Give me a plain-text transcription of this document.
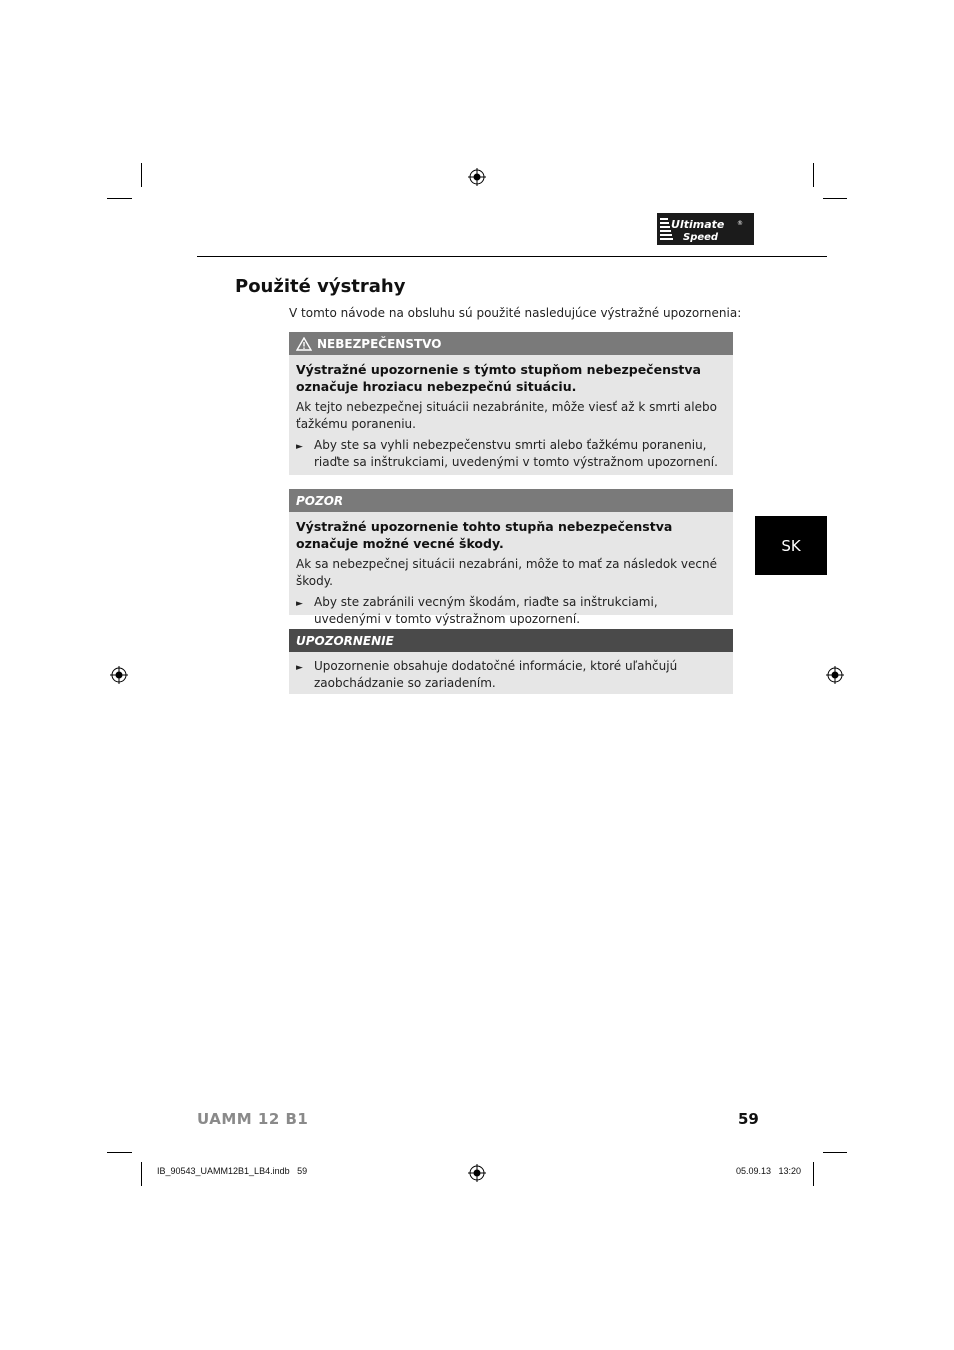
Ultimate
Speed
®
Použité výstrahy
V tomto návode na obsluhu sú použité nasledujúce výstražné upozornenia:
NEBEZPEČENSTVO
Výstražné upozornenie s týmto stupňom nebezpečenstva označuje hroziacu nebezpečnú situáciu.

Ak tejto nebezpečnej situácii nezabránite, môže viesť až k smrti alebo ťažkému poraneniu.

► Aby ste sa vyhli nebezpečenstvu smrti alebo ťažkému poraneniu, riaďte sa inštrukciami, uvedenými v tomto výstražnom upozornení.
POZOR
Výstražné upozornenie tohto stupňa nebezpečenstva označuje možné vecné škody.

Ak sa nebezpečnej situácii nezabráni, môže to mať za následok vecné škody.

► Aby ste zabránili vecným škodám, riaďte sa inštrukciami, uvedenými v tomto výstražnom upozornení.
UPOZORNENIE
► Upozornenie obsahuje dodatočné informácie, ktoré uľahčujú zaobchádzanie so zariadením.
SK
UAMM 12 B1	59
IB_90543_UAMM12B1_LB4.indb   59	05.09.13   13:20
